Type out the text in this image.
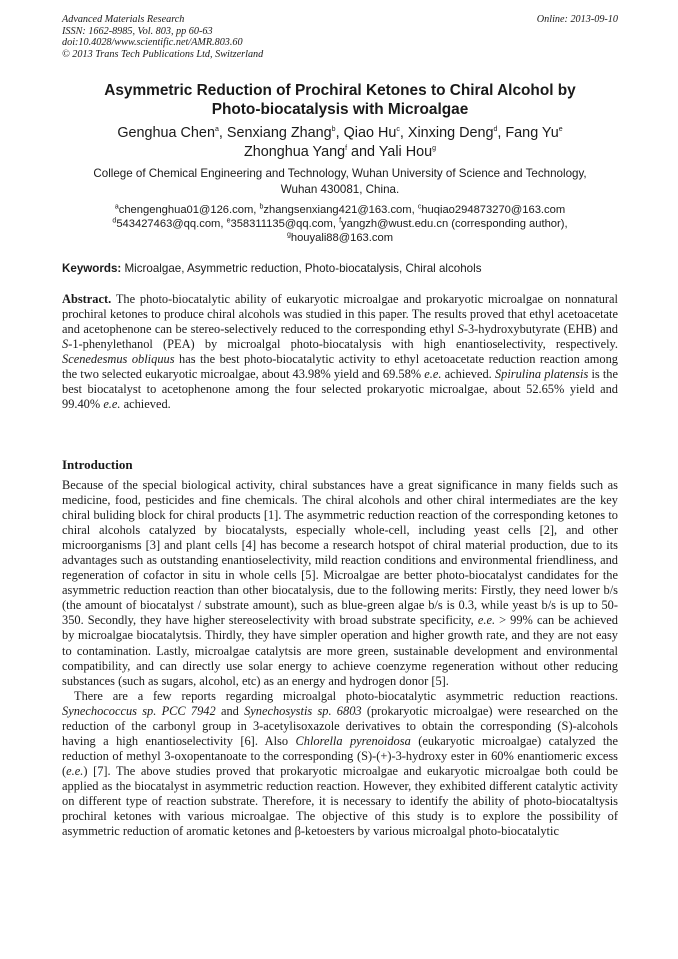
Advanced Materials Research
ISSN: 1662-8985, Vol. 803, pp 60-63
doi:10.4028/www.scientific.net/AMR.803.60
© 2013 Trans Tech Publications Ltd, Switzerland
Online: 2013-09-10
Asymmetric Reduction of Prochiral Ketones to Chiral Alcohol by
Photo-biocatalysis with Microalgae
Genghua Chen$^a$, Senxiang Zhang$^b$, Qiao Hu$^c$, Xinxing Deng$^d$, Fang Yu$^e$
Zhonghua Yang$^f$ and Yali Hou$^g$
College of Chemical Engineering and Technology, Wuhan University of Science and Technology,
Wuhan 430081, China.
$^a$chengenghua01@126.com, $^b$zhangsenxiang421@163.com, $^c$huqiao294873270@163.com
$^d$543427463@qq.com, $^e$358311135@qq.com, $^f$yangzh@wust.edu.cn (corresponding author),
$^g$houyali88@163.com
Keywords: Microalgae, Asymmetric reduction, Photo-biocatalysis, Chiral alcohols
Abstract. The photo-biocatalytic ability of eukaryotic microalgae and prokaryotic microalgae on nonnatural prochiral ketones to produce chiral alcohols was studied in this paper. The results proved that ethyl acetoacetate and acetophenone can be stereo-selectively reduced to the corresponding ethyl S-3-hydroxybutyrate (EHB) and S-1-phenylethanol (PEA) by microalgal photo-biocatalysis with high enantioselectivity, respectively. Scenedesmus obliquus has the best photo-biocatalytic activity to ethyl acetoacetate reduction reaction among the two selected eukaryotic microalgae, about 43.98% yield and 69.58% e.e. achieved. Spirulina platensis is the best biocatalyst to acetophenone among the four selected prokaryotic microalgae, about 52.65% yield and 99.40% e.e. achieved.
Introduction

Because of the special biological activity, chiral substances have a great significance in many fields such as medicine, food, pesticides and fine chemicals. The chiral alcohols and other chiral intermediates are the key chiral buliding block for chiral products [1]. The asymmetric reduction reaction of the corresponding ketones to chiral alcohols catalyzed by biocatalysts, especially whole-cell, including yeast cells [2], and other microorganisms [3] and plant cells [4] has become a research hotspot of chiral material production, due to its advantages such as outstanding enantioselectivity, mild reaction conditions and environmental friendliness, and regeneration of cofactor in situ in whole cells [5]. Microalgae are better photo-biocatalyst candidates for the asymmetric reduction reaction than other biocatalysis, due to the following merits: Firstly, they need lower b/s (the amount of biocatalyst / substrate amount), such as blue-green algae b/s is 0.3, while yeast b/s is up to 50-350. Secondly, they have higher stereoselectivity with broad substrate specificity, e.e. > 99% can be achieved by microalgae biocatalytsis. Thirdly, they have simpler operation and higher growth rate, and they are not easy to contamination. Lastly, microalgae catalytsis are more green, sustainable development and environmental compatibility, and can directly use solar energy to achieve coenzyme regeneration without other reducing substances (such as sugars, alcohol, etc) as an energy and hydrogen donor [5].

There are a few reports regarding microalgal photo-biocatalytic asymmetric reduction reactions. Synechococcus sp. PCC 7942 and Synechosystis sp. 6803 (prokaryotic microalgae) were researched on the reduction of the carbonyl group in 3-acetylisoxazole derivatives to obtain the corresponding (S)-alcohols having a high enantioselectivity [6]. Also Chlorella pyrenoidosa (eukaryotic microalgae) catalyzed the reduction of methyl 3-oxopentanoate to the corresponding (S)-(+)-3-hydroxy ester in 60% enantiomeric excess (e.e.) [7]. The above studies proved that prokaryotic microalgae and eukaryotic microalgae both could be applied as the biocatalyst in asymmetric reduction reaction. However, they exhibited different catalytic activity on different type of reaction substrate. Therefore, it is necessary to identify the ability of photo-biocataltysis prochiral ketones with various microalgae. The objective of this study is to explore the possibility of asymmetric reduction of aromatic ketones and β-ketoesters by various microalgal photo-biocatalytic
